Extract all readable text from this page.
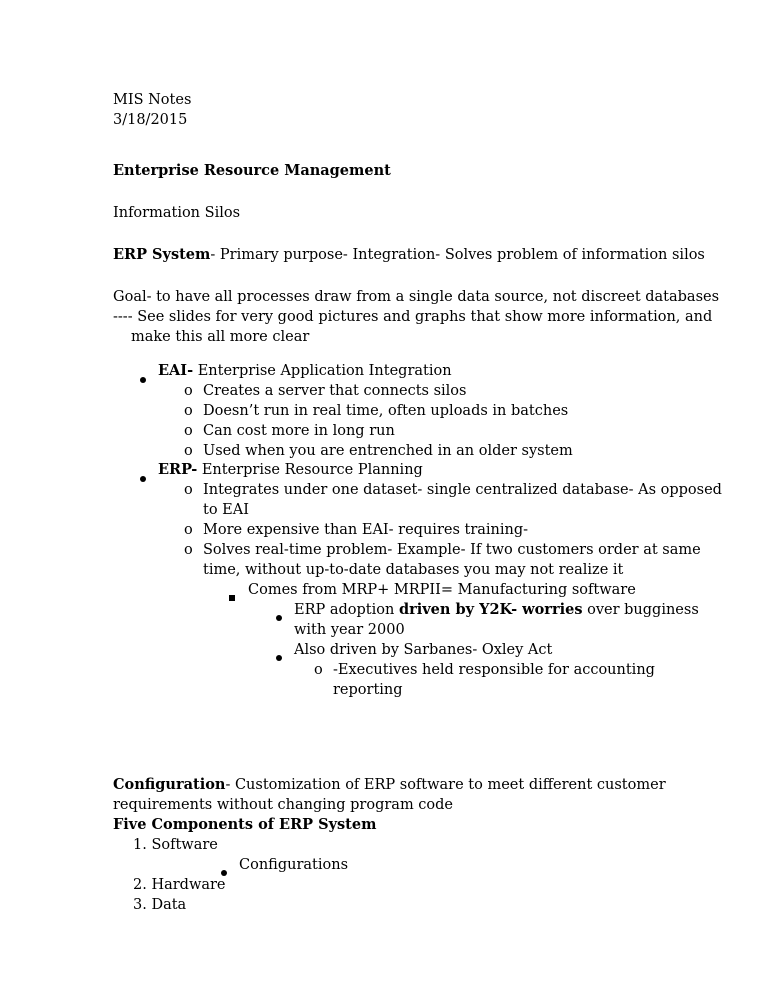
MIS Notes
3/18/2015
Enterprise Resource Management
Information Silos
ERP System- Primary purpose- Integration- Solves problem of information silos
Goal- to have all processes draw from a single data source, not discreet databases
---- See slides for very good pictures and graphs that show more information, and
make this all more clear
EAI- Enterprise Application Integration
o Creates a server that connects silos
o Doesn’t run in real time, often uploads in batches
o Can cost more in long run
o Used when you are entrenched in an older system
ERP- Enterprise Resource Planning
o Integrates under one dataset- single centralized database- As opposed
to EAI
o More expensive than EAI- requires training-
o Solves real-time problem- Example- If two customers order at same
time, without up-to-date databases you may not realize it
Comes from MRP+ MRPII= Manufacturing software
ERP adoption driven by Y2K- worries over bugginess
with year 2000
Also driven by Sarbanes- Oxley Act
o -Executives held responsible for accounting
reporting
Configuration- Customization of ERP software to meet different customer
requirements without changing program code
Five Components of ERP System
1. Software
Configurations
2. Hardware
3. Data
